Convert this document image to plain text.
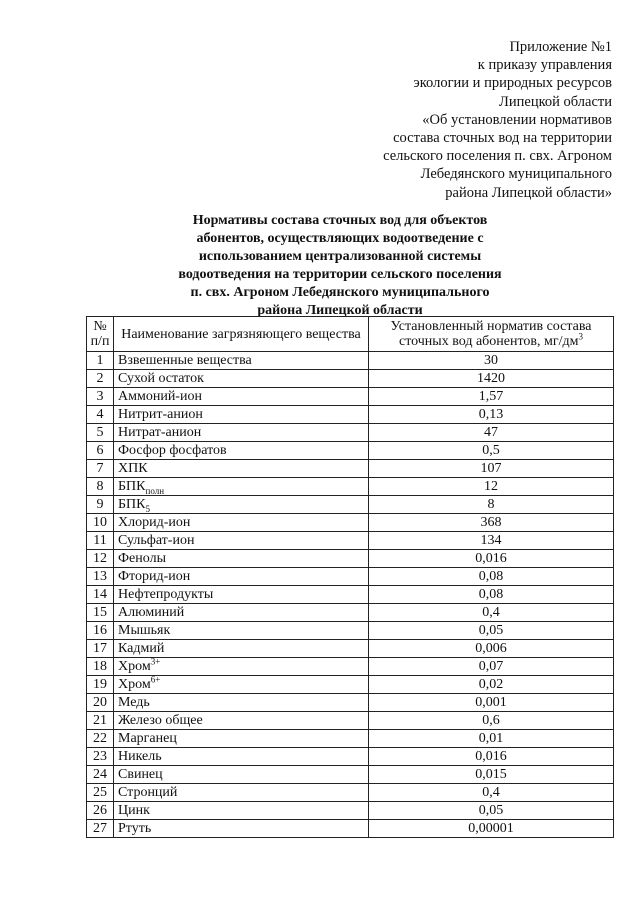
Приложение №1
к приказу управления
экологии и природных ресурсов
Липецкой области
«Об установлении нормативов
состава сточных вод на территории
сельского поселения п. свх. Агроном
Лебедянского муниципального
района Липецкой области»
Нормативы состава сточных вод для объектов
абонентов, осуществляющих водоотведение с
использованием централизованной системы
водоотведения на территории сельского поселения
п. свх. Агроном Лебедянского муниципального
района Липецкой области
№
п/п	Наименование загрязняющего вещества	Установленный норматив состава сточных вод абонентов, $мг/дм^3$
1	Взвешенные вещества	30
2	Сухой остаток	1420
3	Аммоний-ион	1,57
4	Нитрит-анион	0,13
5	Нитрат-анион	47
6	Фосфор фосфатов	0,5
7	ХПК	107
8	$БПК_{полн}$	12
9	$БПК_5$	8
10	Хлорид-ион	368
11	Сульфат-ион	134
12	Фенолы	0,016
13	Фторид-ион	0,08
14	Нефтепродукты	0,08
15	Алюминий	0,4
16	Мышьяк	0,05
17	Кадмий	0,006
18	Хром$^{3+}$	0,07
19	Хром$^{6+}$	0,02
20	Медь	0,001
21	Железо общее	0,6
22	Марганец	0,01
23	Никель	0,016
24	Свинец	0,015
25	Стронций	0,4
26	Цинк	0,05
27	Ртуть	0,00001
